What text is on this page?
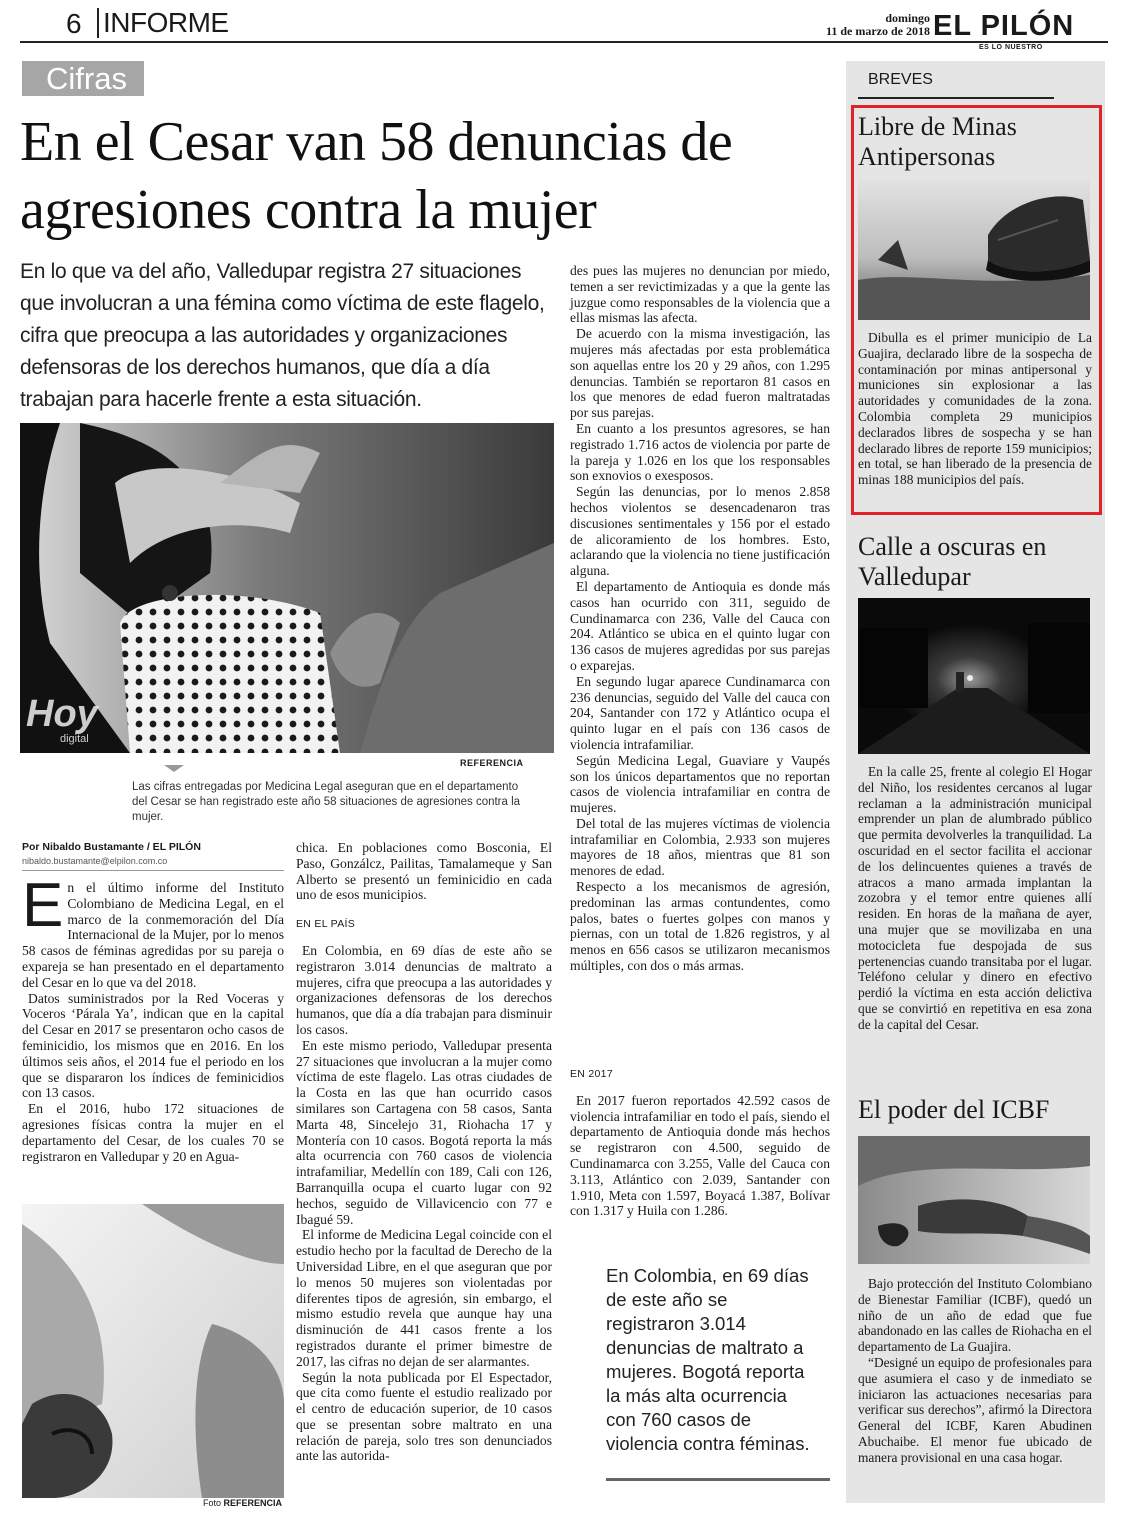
6 INFORME	domingo
11 de marzo de 2018 EL PILÓN
ES LO NUESTRO
Cifras
En el Cesar van 58 denuncias de agresiones contra la mujer
En lo que va del año, Valledupar registra 27 situaciones que involucran a una fémina como víctima de este flagelo, cifra que preocupa a las autoridades y organizaciones defensoras de los derechos humanos, que día a día trabajan para hacerle frente a esta situación.
Hoy
digital
REFERENCIA
Las cifras entregadas por Medicina Legal aseguran que en el departamento del Cesar se han registrado este año 58 situaciones de agresiones contra la mujer.
Por Nibaldo Bustamante / EL PILÓN
nibaldo.bustamante@elpilon.com.co
E n el último informe del Instituto Colombiano de Medicina Legal, en el marco de la conmemoración del Día Internacional de la Mujer, por lo menos 58 casos de féminas agredidas por su pareja o expareja se han presentado en el departamento del Cesar en lo que va del 2018.

Datos suministrados por la Red Voceras y Voceros ‘Párala Ya’, indican que en la capital del Cesar en 2017 se presentaron ocho casos de feminicidio, los mismos que en 2016. En los últimos seis años, el 2014 fue el periodo en los que se dispararon los índices de feminicidios con 13 casos.

En el 2016, hubo 172 situaciones de agresiones físicas contra la mujer en el departamento del Cesar, de los cuales 70 se registraron en Valledupar y 20 en Agua-

Foto REFERENCIA

chica. En poblaciones como Bosconia, El Paso, Gonzálcz, Pailitas, Tamalameque y San Alberto se presentó un feminicidio en cada uno de esos municipios.

EN EL PAÍS

En Colombia, en 69 días de este año se registraron 3.014 denuncias de maltrato a mujeres, cifra que preocupa a las autoridades y organizaciones defensoras de los derechos humanos, que día a día trabajan para disminuir los casos.

En este mismo periodo, Valledupar presenta 27 situaciones que involucran a la mujer como víctima de este flagelo. Las otras ciudades de la Costa en las que han ocurrido casos similares son Cartagena con 58 casos, Santa Marta 48, Sincelejo 31, Riohacha 17 y Montería con 10 casos. Bogotá reporta la más alta ocurrencia con 760 casos de violencia intrafamiliar, Medellín con 189, Cali con 126, Barranquilla ocupa el cuarto lugar con 92 hechos, seguido de Villavicencio con 77 e Ibagué 59.

El informe de Medicina Legal coincide con el estudio hecho por la facultad de Derecho de la Universidad Libre, en el que aseguran que por lo menos 50 mujeres son violentadas por diferentes tipos de agresión, sin embargo, el mismo estudio revela que aunque hay una disminución de 441 casos frente a los registrados durante el primer bimestre de 2017, las cifras no dejan de ser alarmantes.

Según la nota publicada por El Espectador, que cita como fuente el estudio realizado por el centro de educación superior, de 10 casos que se presentan sobre maltrato en una relación de pareja, solo tres son denunciados ante las autorida-

des pues las mujeres no denuncian por miedo, temen a ser revictimizadas y a que la gente las juzgue como responsables de la violencia que a ellas mismas las afecta.

De acuerdo con la misma investigación, las mujeres más afectadas por esta problemática son aquellas entre los 20 y 29 años, con 1.295 denuncias. También se reportaron 81 casos en los que menores de edad fueron maltratadas por sus parejas.

En cuanto a los presuntos agresores, se han registrado 1.716 actos de violencia por parte de la pareja y 1.026 en los que los responsables son exnovios o exesposos.

Según las denuncias, por lo menos 2.858 hechos violentos se desencadenaron tras discusiones sentimentales y 156 por el estado de alicoramiento de los hombres. Esto, aclarando que la violencia no tiene justificación alguna.

El departamento de Antioquia es donde más casos han ocurrido con 311, seguido de Cundinamarca con 236, Valle del Cauca con 204. Atlántico se ubica en el quinto lugar con 136 casos de mujeres agredidas por sus parejas o exparejas.

En segundo lugar aparece Cundinamarca con 236 denuncias, seguido del Valle del cauca con 204, Santander con 172 y Atlántico ocupa el quinto lugar en el país con 136 casos de violencia intrafamiliar.

Según Medicina Legal, Guaviare y Vaupés son los únicos departamentos que no reportan casos de violencia intrafamiliar en contra de mujeres.

Del total de las mujeres víctimas de violencia intrafamiliar en Colombia, 2.933 son mujeres mayores de 18 años, mientras que 81 son menores de edad.

Respecto a los mecanismos de agresión, predominan las armas contundentes, como palos, bates o fuertes golpes con manos y piernas, con un total de 1.826 registros, y al menos en 656 casos se utilizaron mecanismos múltiples, con dos o más armas.

EN 2017

En 2017 fueron reportados 42.592 casos de violencia intrafamiliar en todo el país, siendo el departamento de Antioquia donde más hechos se registraron con 4.500, seguido de Cundinamarca con 3.255, Valle del Cauca con 3.113, Atlántico con 2.039, Santander con 1.910, Meta con 1.597, Boyacá 1.387, Bolívar con 1.317 y Huila con 1.286.

En Colombia, en 69 días de este año se registraron 3.014 denuncias de maltrato a mujeres. Bogotá reporta la más alta ocurrencia con 760 casos de violencia contra féminas.
BREVES
Libre de Minas Antipersonas

Dibulla es el primer municipio de La Guajira, declarado libre de la sospecha de contaminación por minas antipersonal y municiones sin explosionar a las autoridades y comunidades de la zona. Colombia completa 29 municipios declarados libres de sospecha y se han declarado libres de reporte 159 municipios; en total, se han liberado de la presencia de minas 188 municipios del país.

Calle a oscuras en Valledupar

En la calle 25, frente al colegio El Hogar del Niño, los residentes cercanos al lugar reclaman a la administración municipal emprender un plan de alumbrado público que permita devolverles la tranquilidad. La oscuridad en el sector facilita el accionar de los delincuentes quienes a través de atracos a mano armada implantan la zozobra y el temor entre quienes allí residen. En horas de la mañana de ayer, una mujer que se movilizaba en una motocicleta fue despojada de sus pertenencias cuando transitaba por el lugar. Teléfono celular y dinero en efectivo perdió la víctima en esta acción delictiva que se convirtió en repetitiva en esa zona de la capital del Cesar.

El poder del ICBF

Bajo protección del Instituto Colombiano de Bienestar Familiar (ICBF), quedó un niño de un año de edad que fue abandonado en las calles de Riohacha en el departamento de La Guajira.

“Designé un equipo de profesionales para que asumiera el caso y de inmediato se iniciaron las actuaciones necesarias para verificar sus derechos”, afirmó la Directora General del ICBF, Karen Abudinen Abuchaibe. El menor fue ubicado de manera provisional en una casa hogar.
